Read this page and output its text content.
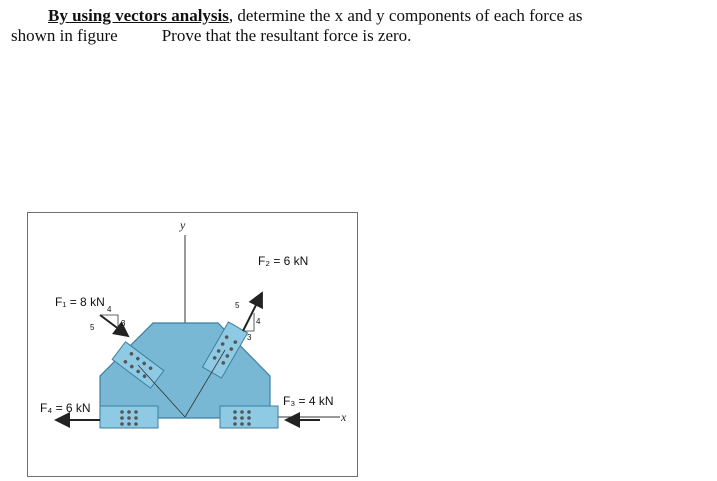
By using vectors analysis, determine the x and y components of each force as
shown in figure	Prove that the resultant force is zero.
y
x
F₁ = 8 kN
4
3
5
F₂ = 6 kN
5
4
3
F₃ = 4 kN
F₄ = 6 kN
